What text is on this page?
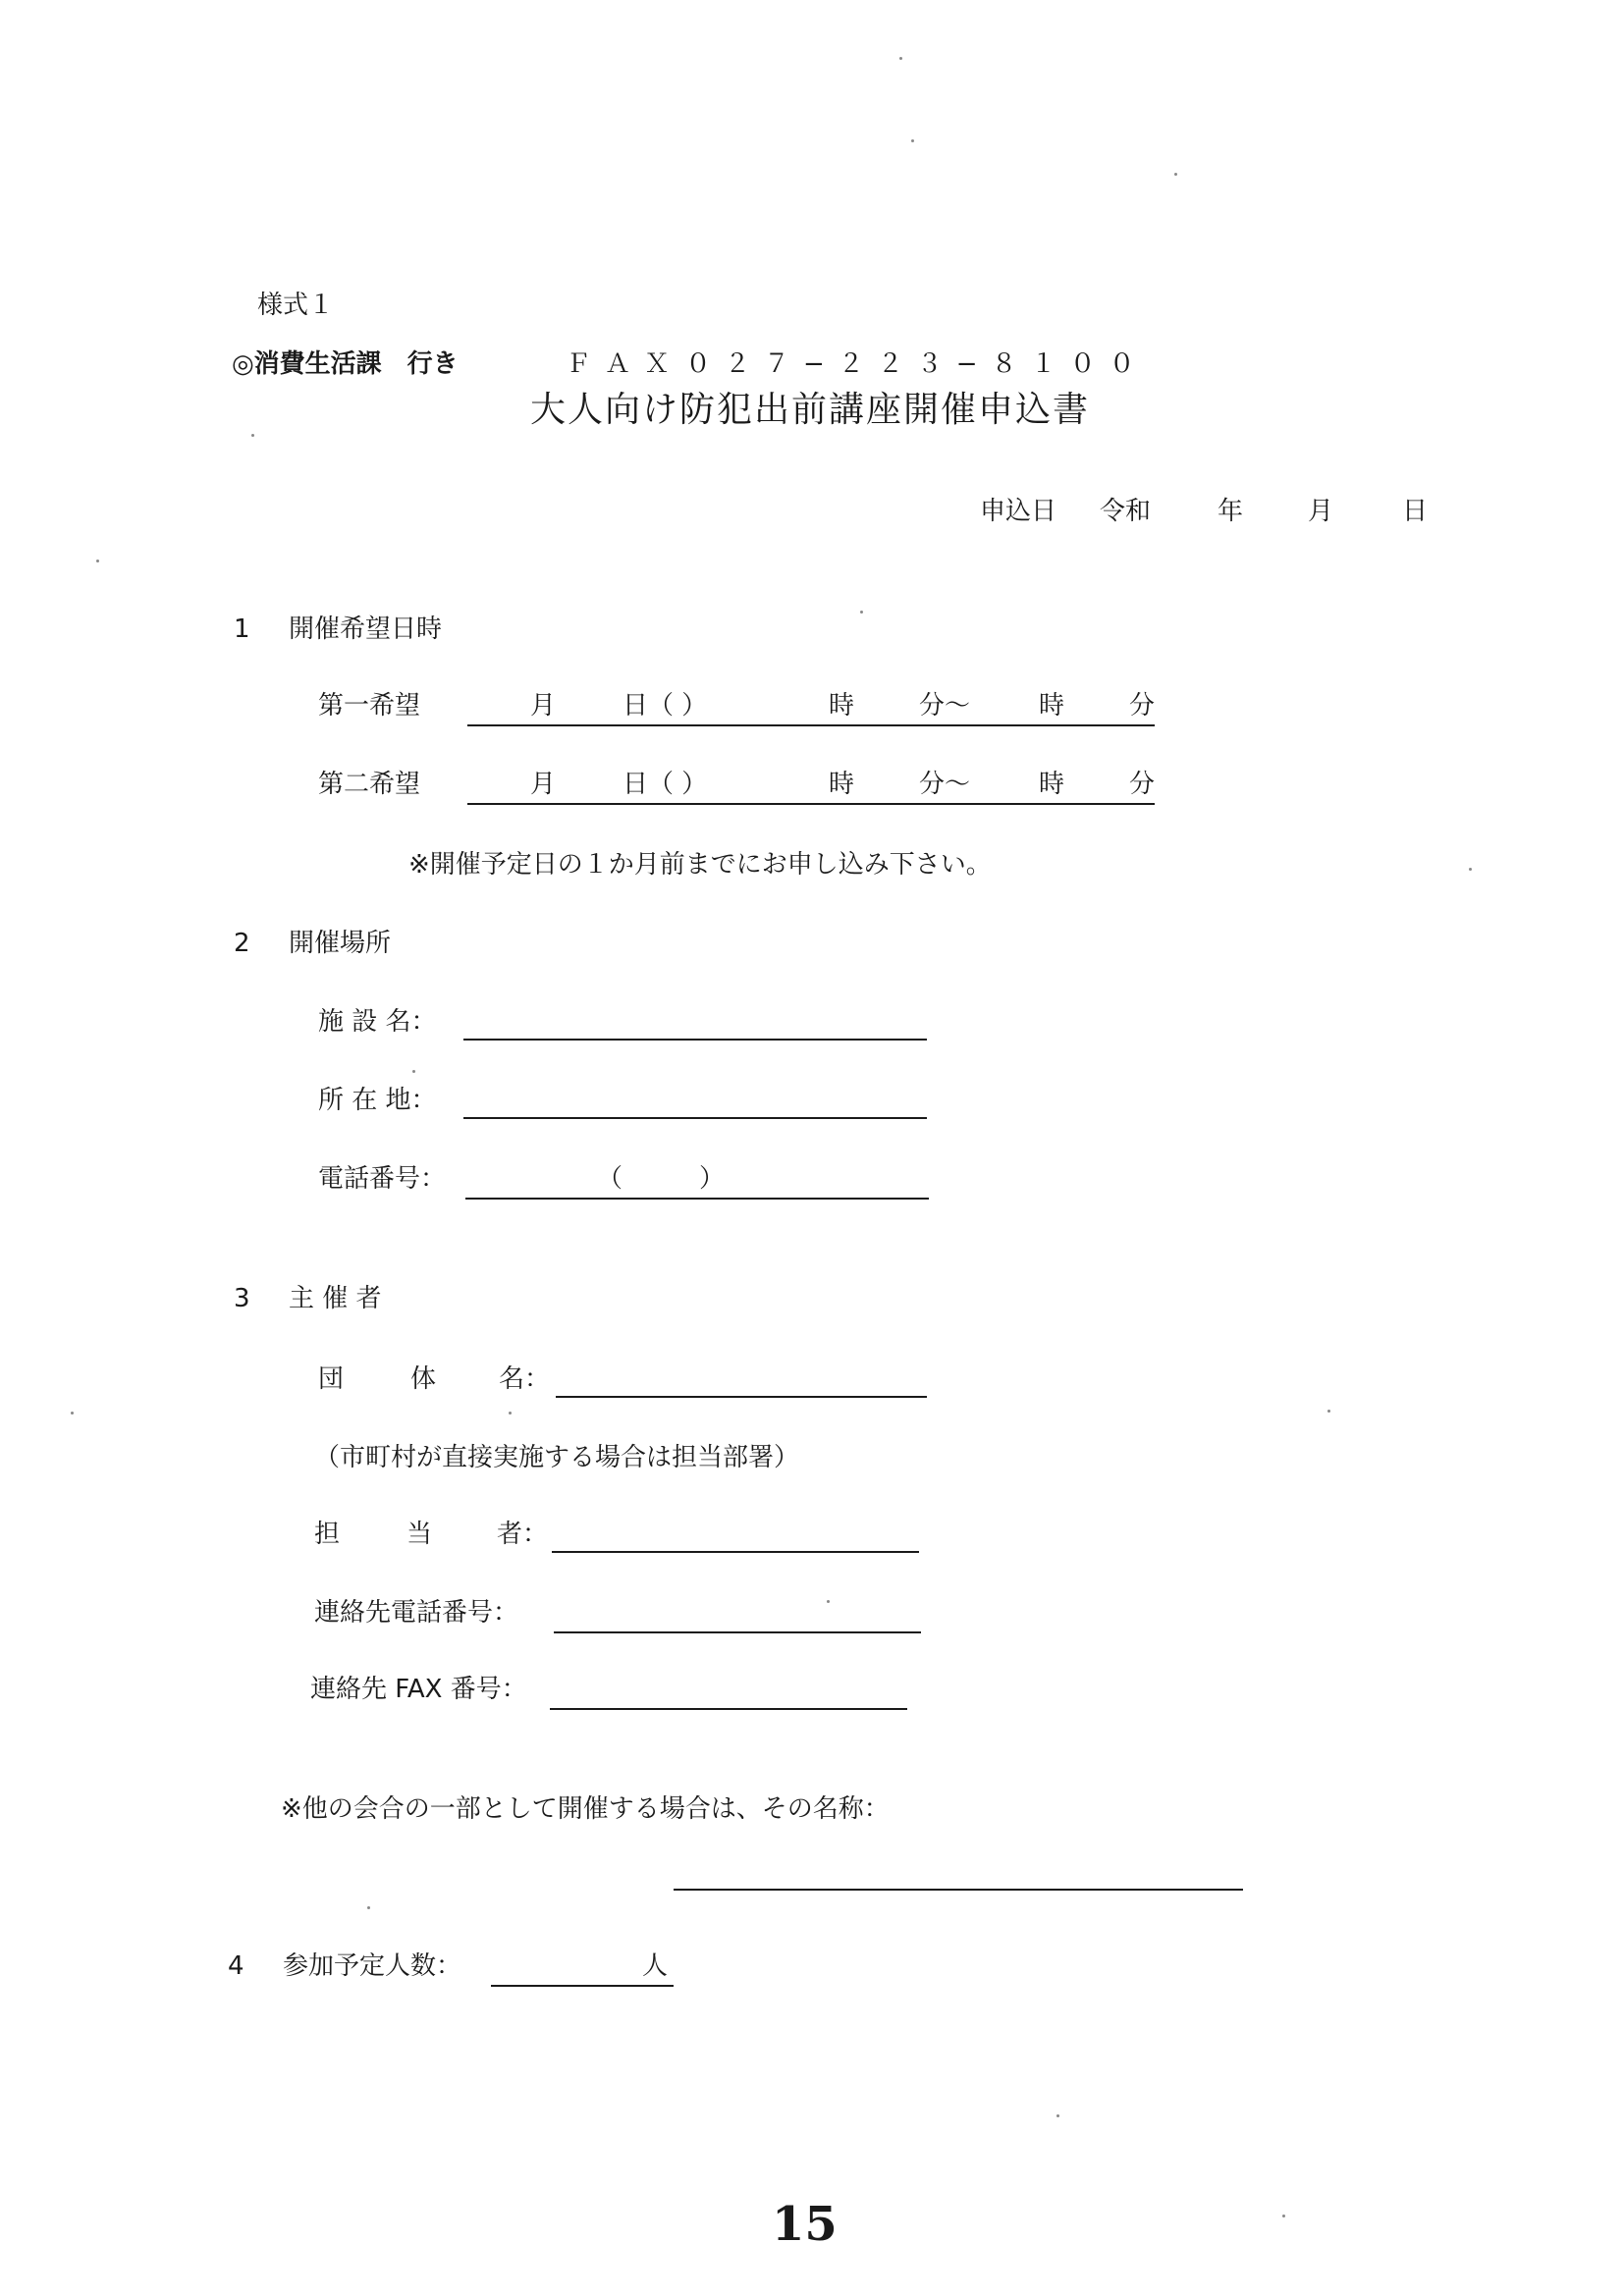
様式１
◎消費生活課　行き	ＦＡＸ ０２７−２２３−８１００
大人向け防犯出前講座開催申込書
申込日 令和	年	月	日
1 開催希望日時
第一希望	月	日（ ）	時	分～	時	分
第二希望	月	日（ ）	時	分～	時	分
※開催予定日の１か月前までにお申し込み下さい。
2 開催場所
施 設 名：
所 在 地：
電話番号：	（　　　）
3 主 催 者
団	体 名：
（市町村が直接実施する場合は担当部署）
担	当	者：
連絡先電話番号：
連絡先 FAX 番号：
※他の会合の一部として開催する場合は、その名称：
4 参加予定人数：	人
15
